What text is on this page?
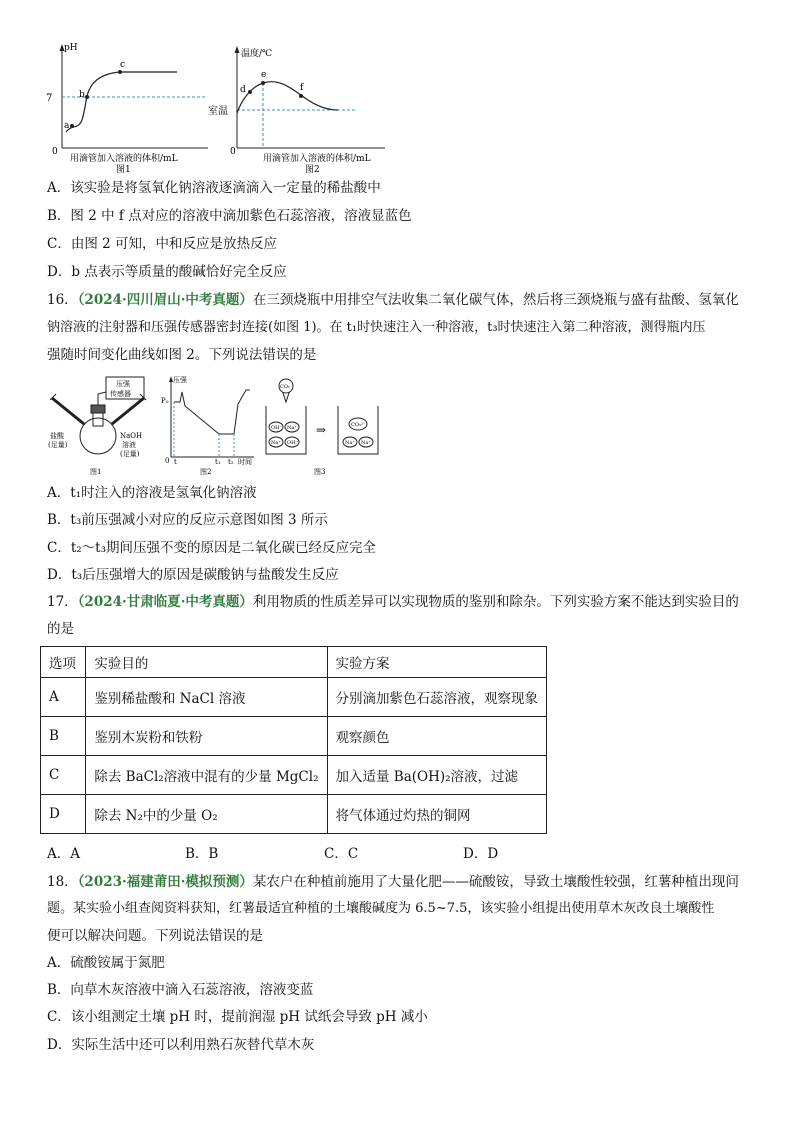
a
b
c
pH
7
0
用滴管加入溶液的体积/mL
图1
d
e
f
温度/℃
室温
0
用滴管加入溶液的体积/mL
图2
A．该实验是将氢氧化钠溶液逐滴滴入一定量的稀盐酸中
B．图 2 中 f 点对应的溶液中滴加紫色石蕊溶液，溶液显蓝色
C．由图 2 可知，中和反应是放热反应
D．b 点表示等质量的酸碱恰好完全反应
16．（2024·四川眉山·中考真题）在三颈烧瓶中用排空气法收集二氧化碳气体，然后将三颈烧瓶与盛有盐酸、氢氧化
钠溶液的注射器和压强传感器密封连接(如图 1)。在 t₁时快速注入一种溶液，t₃时快速注入第二种溶液，测得瓶内压
强随时间变化曲线如图 2。下列说法错误的是
压强
传感器
盐酸
(足量)
NaOH
溶液
(足量)
图1
压强
P₀
0 t	t₁ t₂ 时间
图2
CO₂
OH⁻ Na⁺
Na⁺ OH⁻
⇒	CO₃²⁻
Na⁺ Na⁺
图3
A．t₁时注入的溶液是氢氧化钠溶液
B．t₃前压强减小对应的反应示意图如图 3 所示
C．t₂～t₃期间压强不变的原因是二氧化碳已经反应完全
D．t₃后压强增大的原因是碳酸钠与盐酸发生反应
17．（2024·甘肃临夏·中考真题）利用物质的性质差异可以实现物质的鉴别和除杂。下列实验方案不能达到实验目的
的是
选项	实验目的	实验方案
A	鉴别稀盐酸和 NaCl 溶液	分别滴加紫色石蕊溶液，观察现象
B	鉴别木炭粉和铁粉	观察颜色
C	除去 BaCl₂溶液中混有的少量 MgCl₂	加入适量 Ba(OH)₂溶液，过滤
D	除去 N₂中的少量 O₂	将气体通过灼热的铜网
A．A	B．B	C．C	D．D
18．（2023·福建莆田·模拟预测）某农户在种植前施用了大量化肥——硫酸铵，导致土壤酸性较强，红薯种植出现问
题。某实验小组查阅资料获知，红薯最适宜种植的土壤酸碱度为 6.5~7.5，该实验小组提出使用草木灰改良土壤酸性
便可以解决问题。下列说法错误的是
A．硫酸铵属于氮肥
B．向草木灰溶液中滴入石蕊溶液，溶液变蓝
C．该小组测定土壤 pH 时，提前润湿 pH 试纸会导致 pH 减小
D．实际生活中还可以利用熟石灰替代草木灰
